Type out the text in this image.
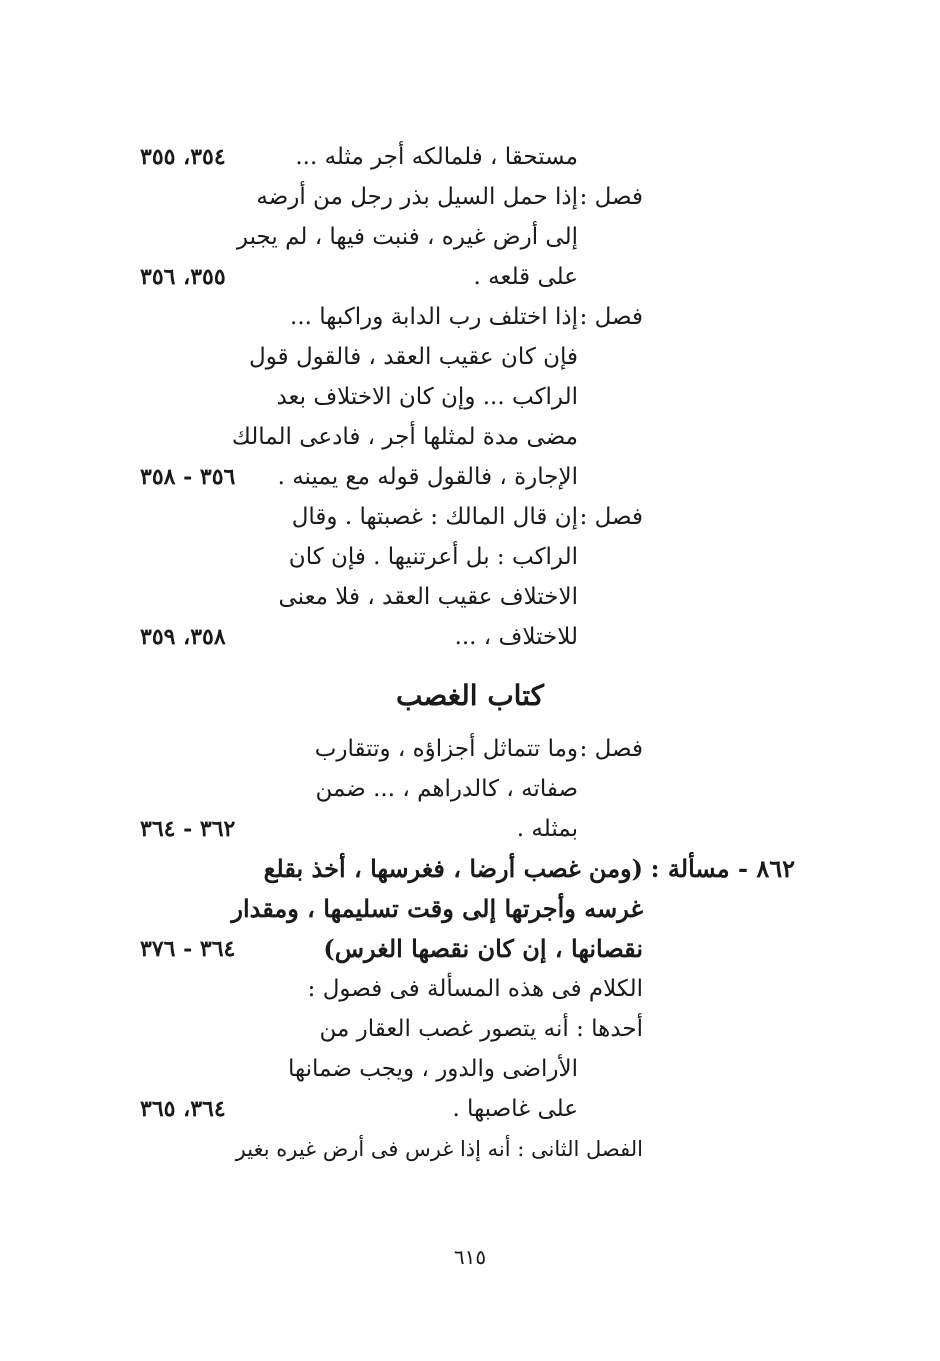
مستحقا ، فلمالكه أجر مثله ...
٣٥٤، ٣٥٥
فصل :
إذا حمل السيل بذر رجل من أرضه
إلى أرض غيره ، فنبت فيها ، لم يجبر
على قلعه .
٣٥٥، ٣٥٦
فصل :
إذا اختلف رب الدابة وراكبها ...
فإن كان عقيب العقد ، فالقول قول
الراكب ... وإن كان الاختلاف بعد
مضى مدة لمثلها أجر ، فادعى المالك
الإجارة ، فالقول قوله مع يمينه .
٣٥٦ - ٣٥٨
فصل :
إن قال المالك : غصبتها . وقال
الراكب : بل أعرتنيها . فإن كان
الاختلاف عقيب العقد ، فلا معنى
للاختلاف ، ...
٣٥٨، ٣٥٩
كتاب الغصب
فصل :
وما تتماثل أجزاؤه ، وتتقارب
صفاته ، كالدراهم ، ... ضمن
بمثله .
٣٦٢ - ٣٦٤
٨٦٢ - مسألة :
(ومن غصب أرضا ، فغرسها ، أخذ بقلع
غرسه وأجرتها إلى وقت تسليمها ، ومقدار
نقصانها ، إن كان نقصها الغرس)
٣٦٤ - ٣٧٦
الكلام فى هذه المسألة فى فصول :
أحدها : أنه يتصور غصب العقار من
الأراضى والدور ، ويجب ضمانها
على غاصبها .
٣٦٤، ٣٦٥
الفصل الثانى : أنه إذا غرس فى أرض غيره بغير
٦١٥
